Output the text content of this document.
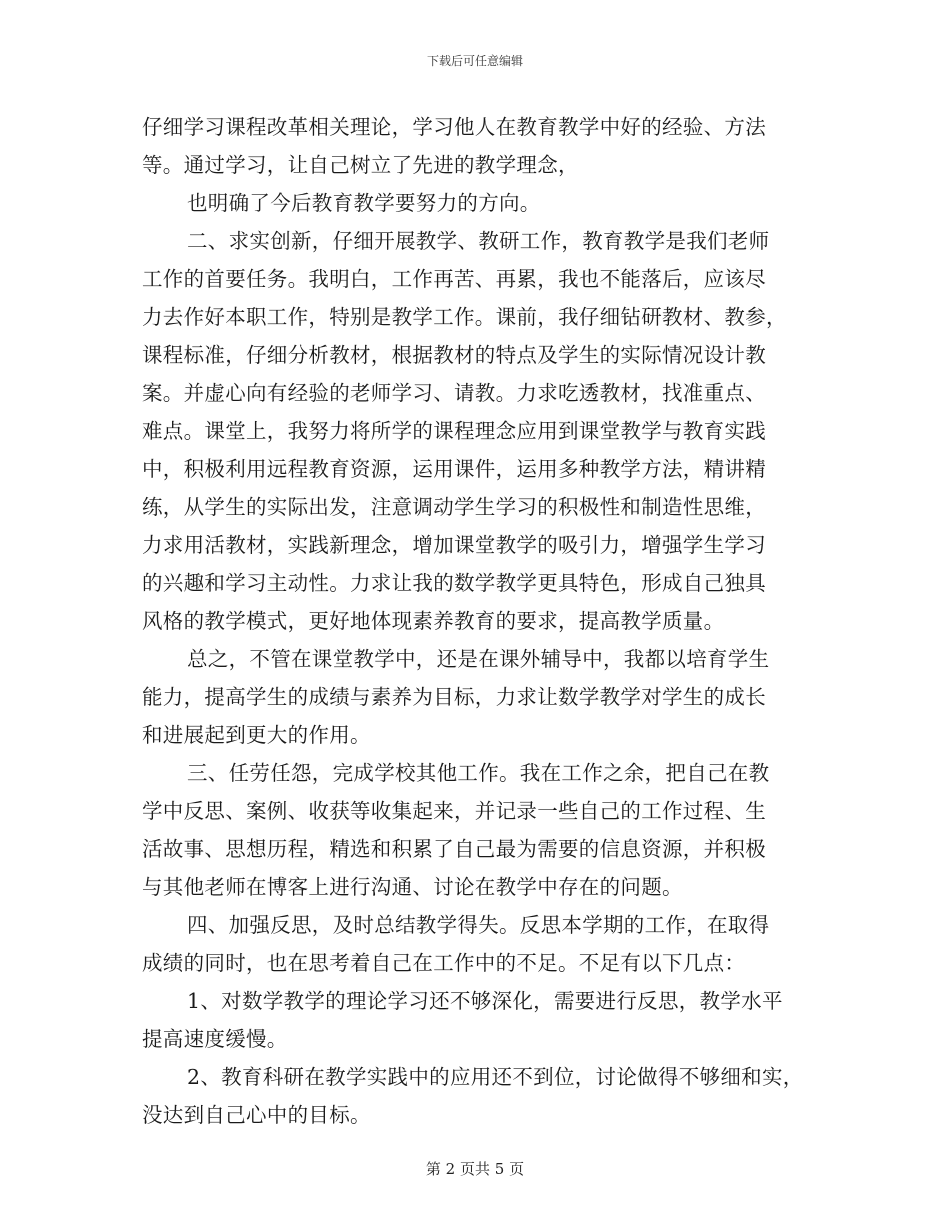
下载后可任意编辑
仔细学习课程改革相关理论，学习他人在教育教学中好的经验、方法
等。通过学习，让自己树立了先进的教学理念，
也明确了今后教育教学要努力的方向。
二、求实创新，仔细开展教学、教研工作，教育教学是我们老师
工作的首要任务。我明白，工作再苦、再累，我也不能落后，应该尽
力去作好本职工作，特别是教学工作。课前，我仔细钻研教材、教参，
课程标准，仔细分析教材，根据教材的特点及学生的实际情况设计教
案。并虚心向有经验的老师学习、请教。力求吃透教材，找准重点、
难点。课堂上，我努力将所学的课程理念应用到课堂教学与教育实践
中，积极利用远程教育资源，运用课件，运用多种教学方法，精讲精
练，从学生的实际出发，注意调动学生学习的积极性和制造性思维，
力求用活教材，实践新理念，增加课堂教学的吸引力，增强学生学习
的兴趣和学习主动性。力求让我的数学教学更具特色，形成自己独具
风格的教学模式，更好地体现素养教育的要求，提高教学质量。
总之，不管在课堂教学中，还是在课外辅导中，我都以培育学生
能力，提高学生的成绩与素养为目标，力求让数学教学对学生的成长
和进展起到更大的作用。
三、任劳任怨，完成学校其他工作。我在工作之余，把自己在教
学中反思、案例、收获等收集起来，并记录一些自己的工作过程、生
活故事、思想历程，精选和积累了自己最为需要的信息资源，并积极
与其他老师在博客上进行沟通、讨论在教学中存在的问题。
四、加强反思，及时总结教学得失。反思本学期的工作，在取得
成绩的同时，也在思考着自己在工作中的不足。不足有以下几点：
1、对数学教学的理论学习还不够深化，需要进行反思，教学水平
提高速度缓慢。
2、教育科研在教学实践中的应用还不到位，讨论做得不够细和实，
没达到自己心中的目标。
第 2 页共 5 页
